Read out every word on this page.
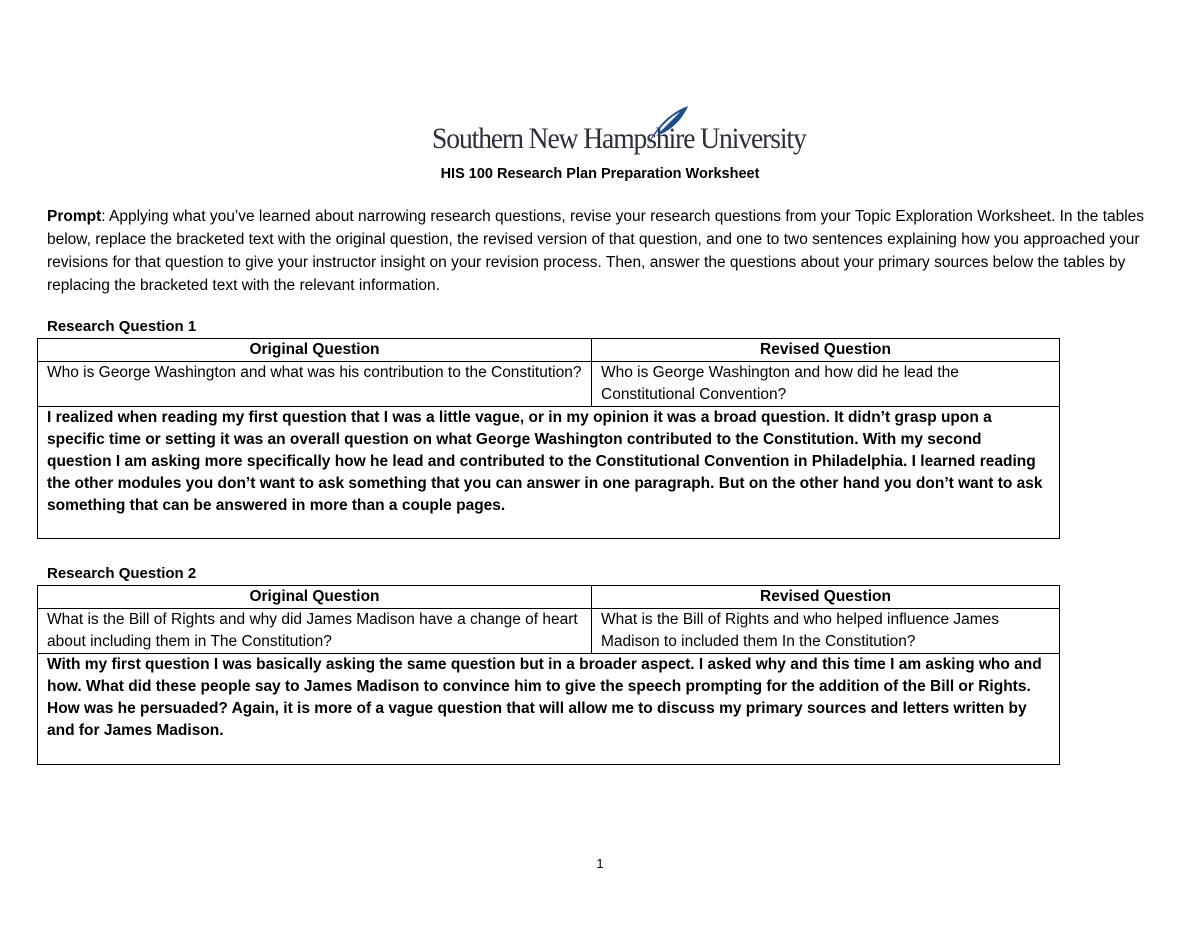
Southern New Hampshire University
HIS 100 Research Plan Preparation Worksheet
Prompt: Applying what you’ve learned about narrowing research questions, revise your research questions from your Topic Exploration Worksheet. In the tables below, replace the bracketed text with the original question, the revised version of that question, and one to two sentences explaining how you approached your revisions for that question to give your instructor insight on your revision process. Then, answer the questions about your primary sources below the tables by replacing the bracketed text with the relevant information.
Research Question 1
Original Question	Revised Question
Who is George Washington and what was his contribution to the Constitution?	Who is George Washington and how did he lead the Constitutional Convention?
I realized when reading my first question that I was a little vague, or in my opinion it was a broad question. It didn’t grasp upon a specific time or setting it was an overall question on what George Washington contributed to the Constitution. With my second question I am asking more specifically how he lead and contributed to the Constitutional Convention in Philadelphia. I learned reading the other modules you don’t want to ask something that you can answer in one paragraph. But on the other hand you don’t want to ask something that can be answered in more than a couple pages.	
Research Question 2
Original Question	Revised Question
What is the Bill of Rights and why did James Madison have a change of heart about including them in The Constitution?	What is the Bill of Rights and who helped influence James Madison to included them In the Constitution?
With my first question I was basically asking the same question but in a broader aspect. I asked why and this time I am asking who and how. What did these people say to James Madison to convince him to give the speech prompting for the addition of the Bill or Rights. How was he persuaded? Again, it is more of a vague question that will allow me to discuss my primary sources and letters written by and for James Madison.	
1
